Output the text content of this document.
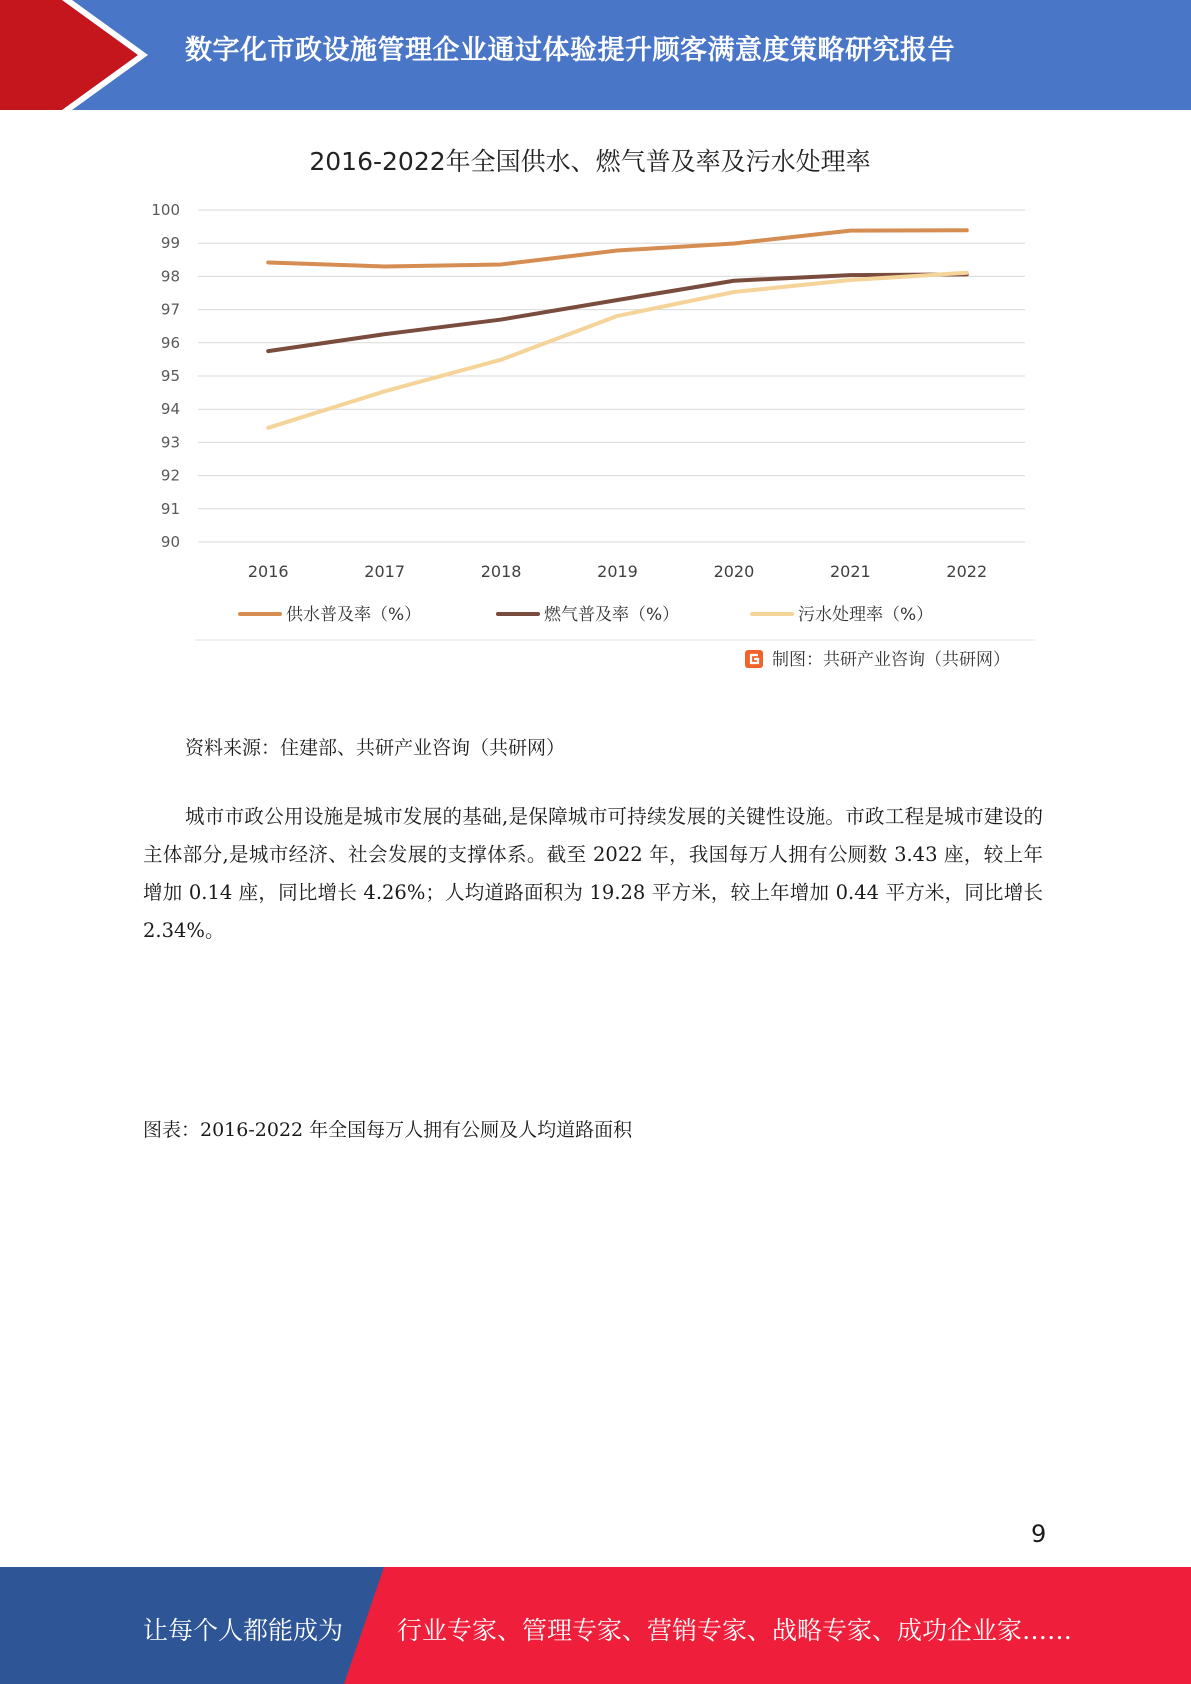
数字化市政设施管理企业通过体验提升顾客满意度策略研究报告
2016-2022年全国供水、燃气普及率及污水处理率
90
91
92
93
94
95
96
97
98
99
100
2016	2017	2018	2019	2020	2021	2022
供水普及率（%）	燃气普及率（%）	污水处理率（%）
制图：共研产业咨询（共研网）
资料来源：住建部、共研产业咨询（共研网）
城市市政公用设施是城市发展的基础,是保障城市可持续发展的关键性设施。市政工程是城市建设的主体部分,是城市经济、社会发展的支撑体系。截至 2022 年，我国每万人拥有公厕数 3.43 座，较上年增加 0.14 座，同比增长 4.26%；人均道路面积为 19.28 平方米，较上年增加 0.44 平方米，同比增长 2.34%。
图表：2016-2022 年全国每万人拥有公厕及人均道路面积
9
让每个人都能成为 行业专家、管理专家、营销专家、战略专家、成功企业家……
